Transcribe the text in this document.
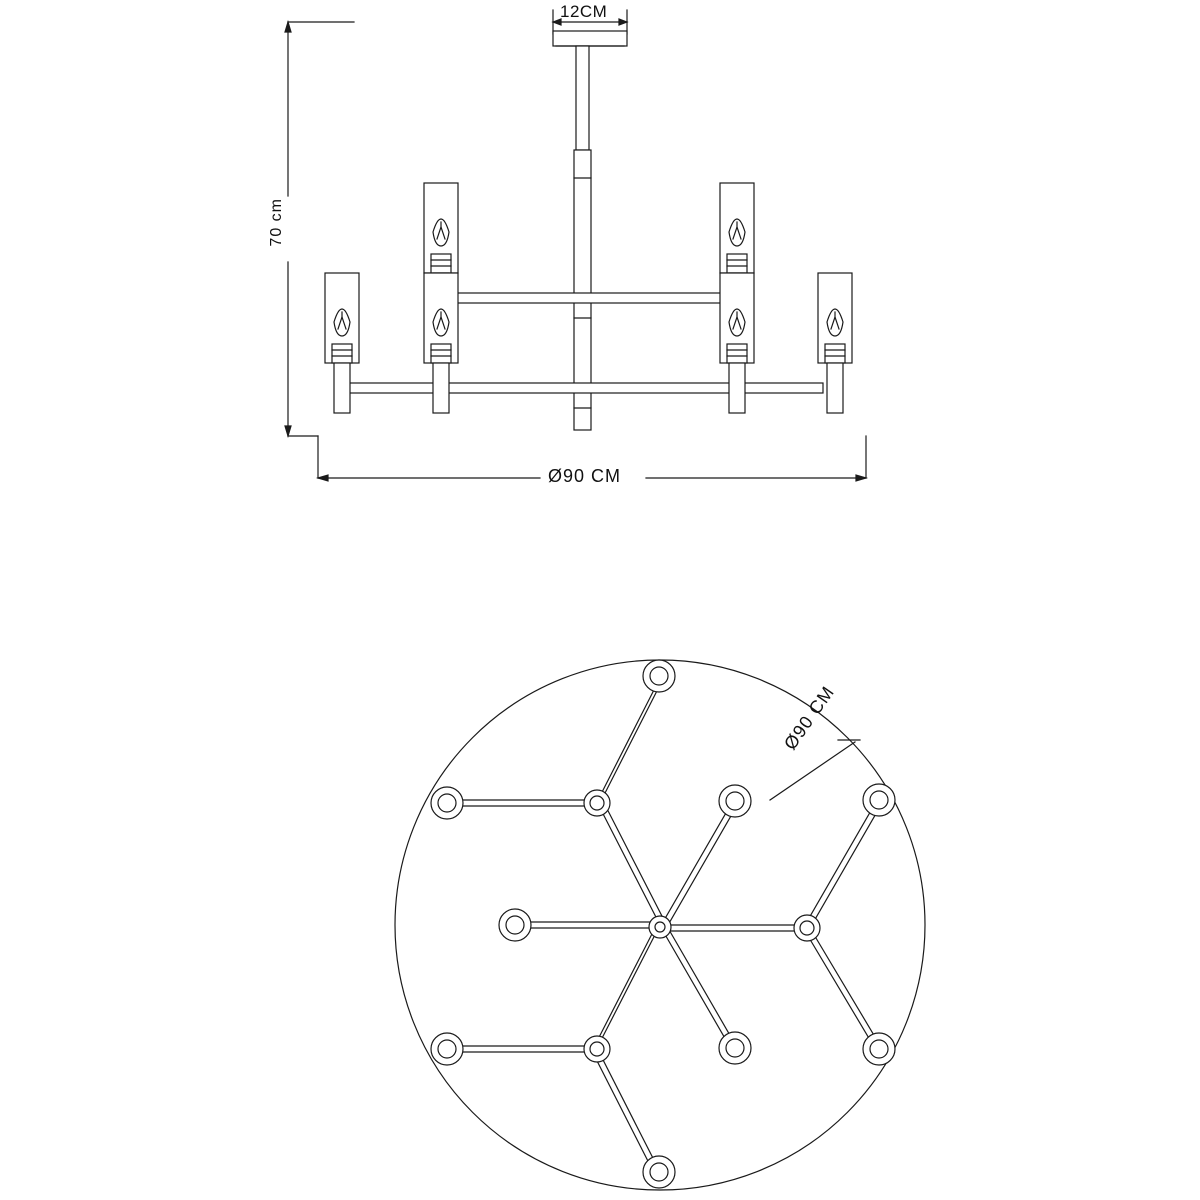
12CM
70 cm
Ø90 CM
Ø90 CM
